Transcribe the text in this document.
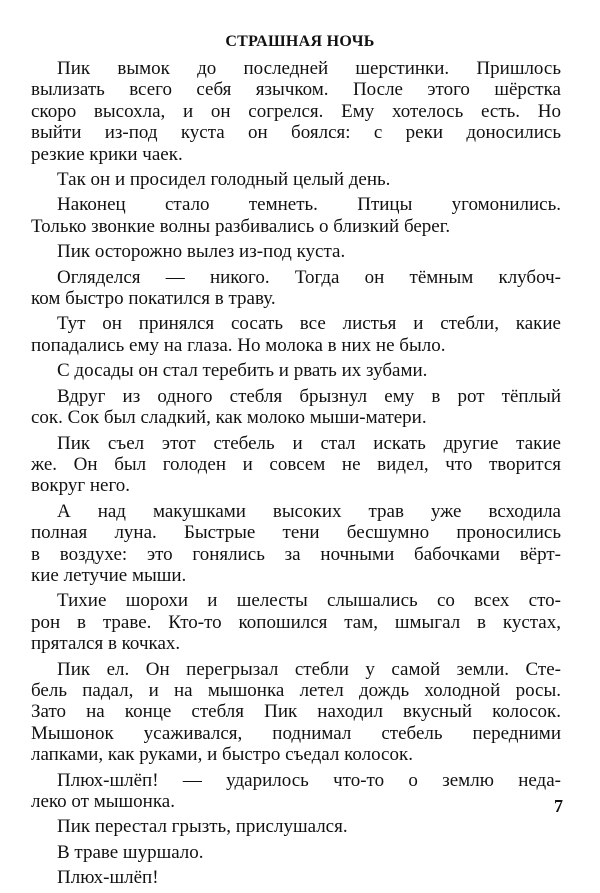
СТРАШНАЯ НОЧЬ
Пик вымок до последней шерстинки. Пришлось
вылизать всего себя язычком. После этого шёрстка
скоро высохла, и он согрелся. Ему хотелось есть. Но
выйти из-под куста он боялся: с реки доносились
резкие крики чаек.
Так он и просидел голодный целый день.
Наконец стало темнеть. Птицы угомонились.
Только звонкие волны разбивались о близкий берег.
Пик осторожно вылез из-под куста.
Огляделся — никого. Тогда он тёмным клубоч-
ком быстро покатился в траву.
Тут он принялся сосать все листья и стебли, какие
попадались ему на глаза. Но молока в них не было.
С досады он стал теребить и рвать их зубами.
Вдруг из одного стебля брызнул ему в рот тёплый
сок. Сок был сладкий, как молоко мыши-матери.
Пик съел этот стебель и стал искать другие такие
же. Он был голоден и совсем не видел, что творится
вокруг него.
А над макушками высоких трав уже всходила
полная луна. Быстрые тени бесшумно проносились
в воздухе: это гонялись за ночными бабочками вёрт-
кие летучие мыши.
Тихие шорохи и шелесты слышались со всех сто-
рон в траве. Кто-то копошился там, шмыгал в кустах,
прятался в кочках.
Пик ел. Он перегрызал стебли у самой земли. Сте-
бель падал, и на мышонка летел дождь холодной росы.
Зато на конце стебля Пик находил вкусный колосок.
Мышонок усаживался, поднимал стебель передними
лапками, как руками, и быстро съедал колосок.
Плюх-шлёп! — ударилось что-то о землю неда-
леко от мышонка.
Пик перестал грызть, прислушался.
В траве шуршало.
Плюх-шлёп!
7
